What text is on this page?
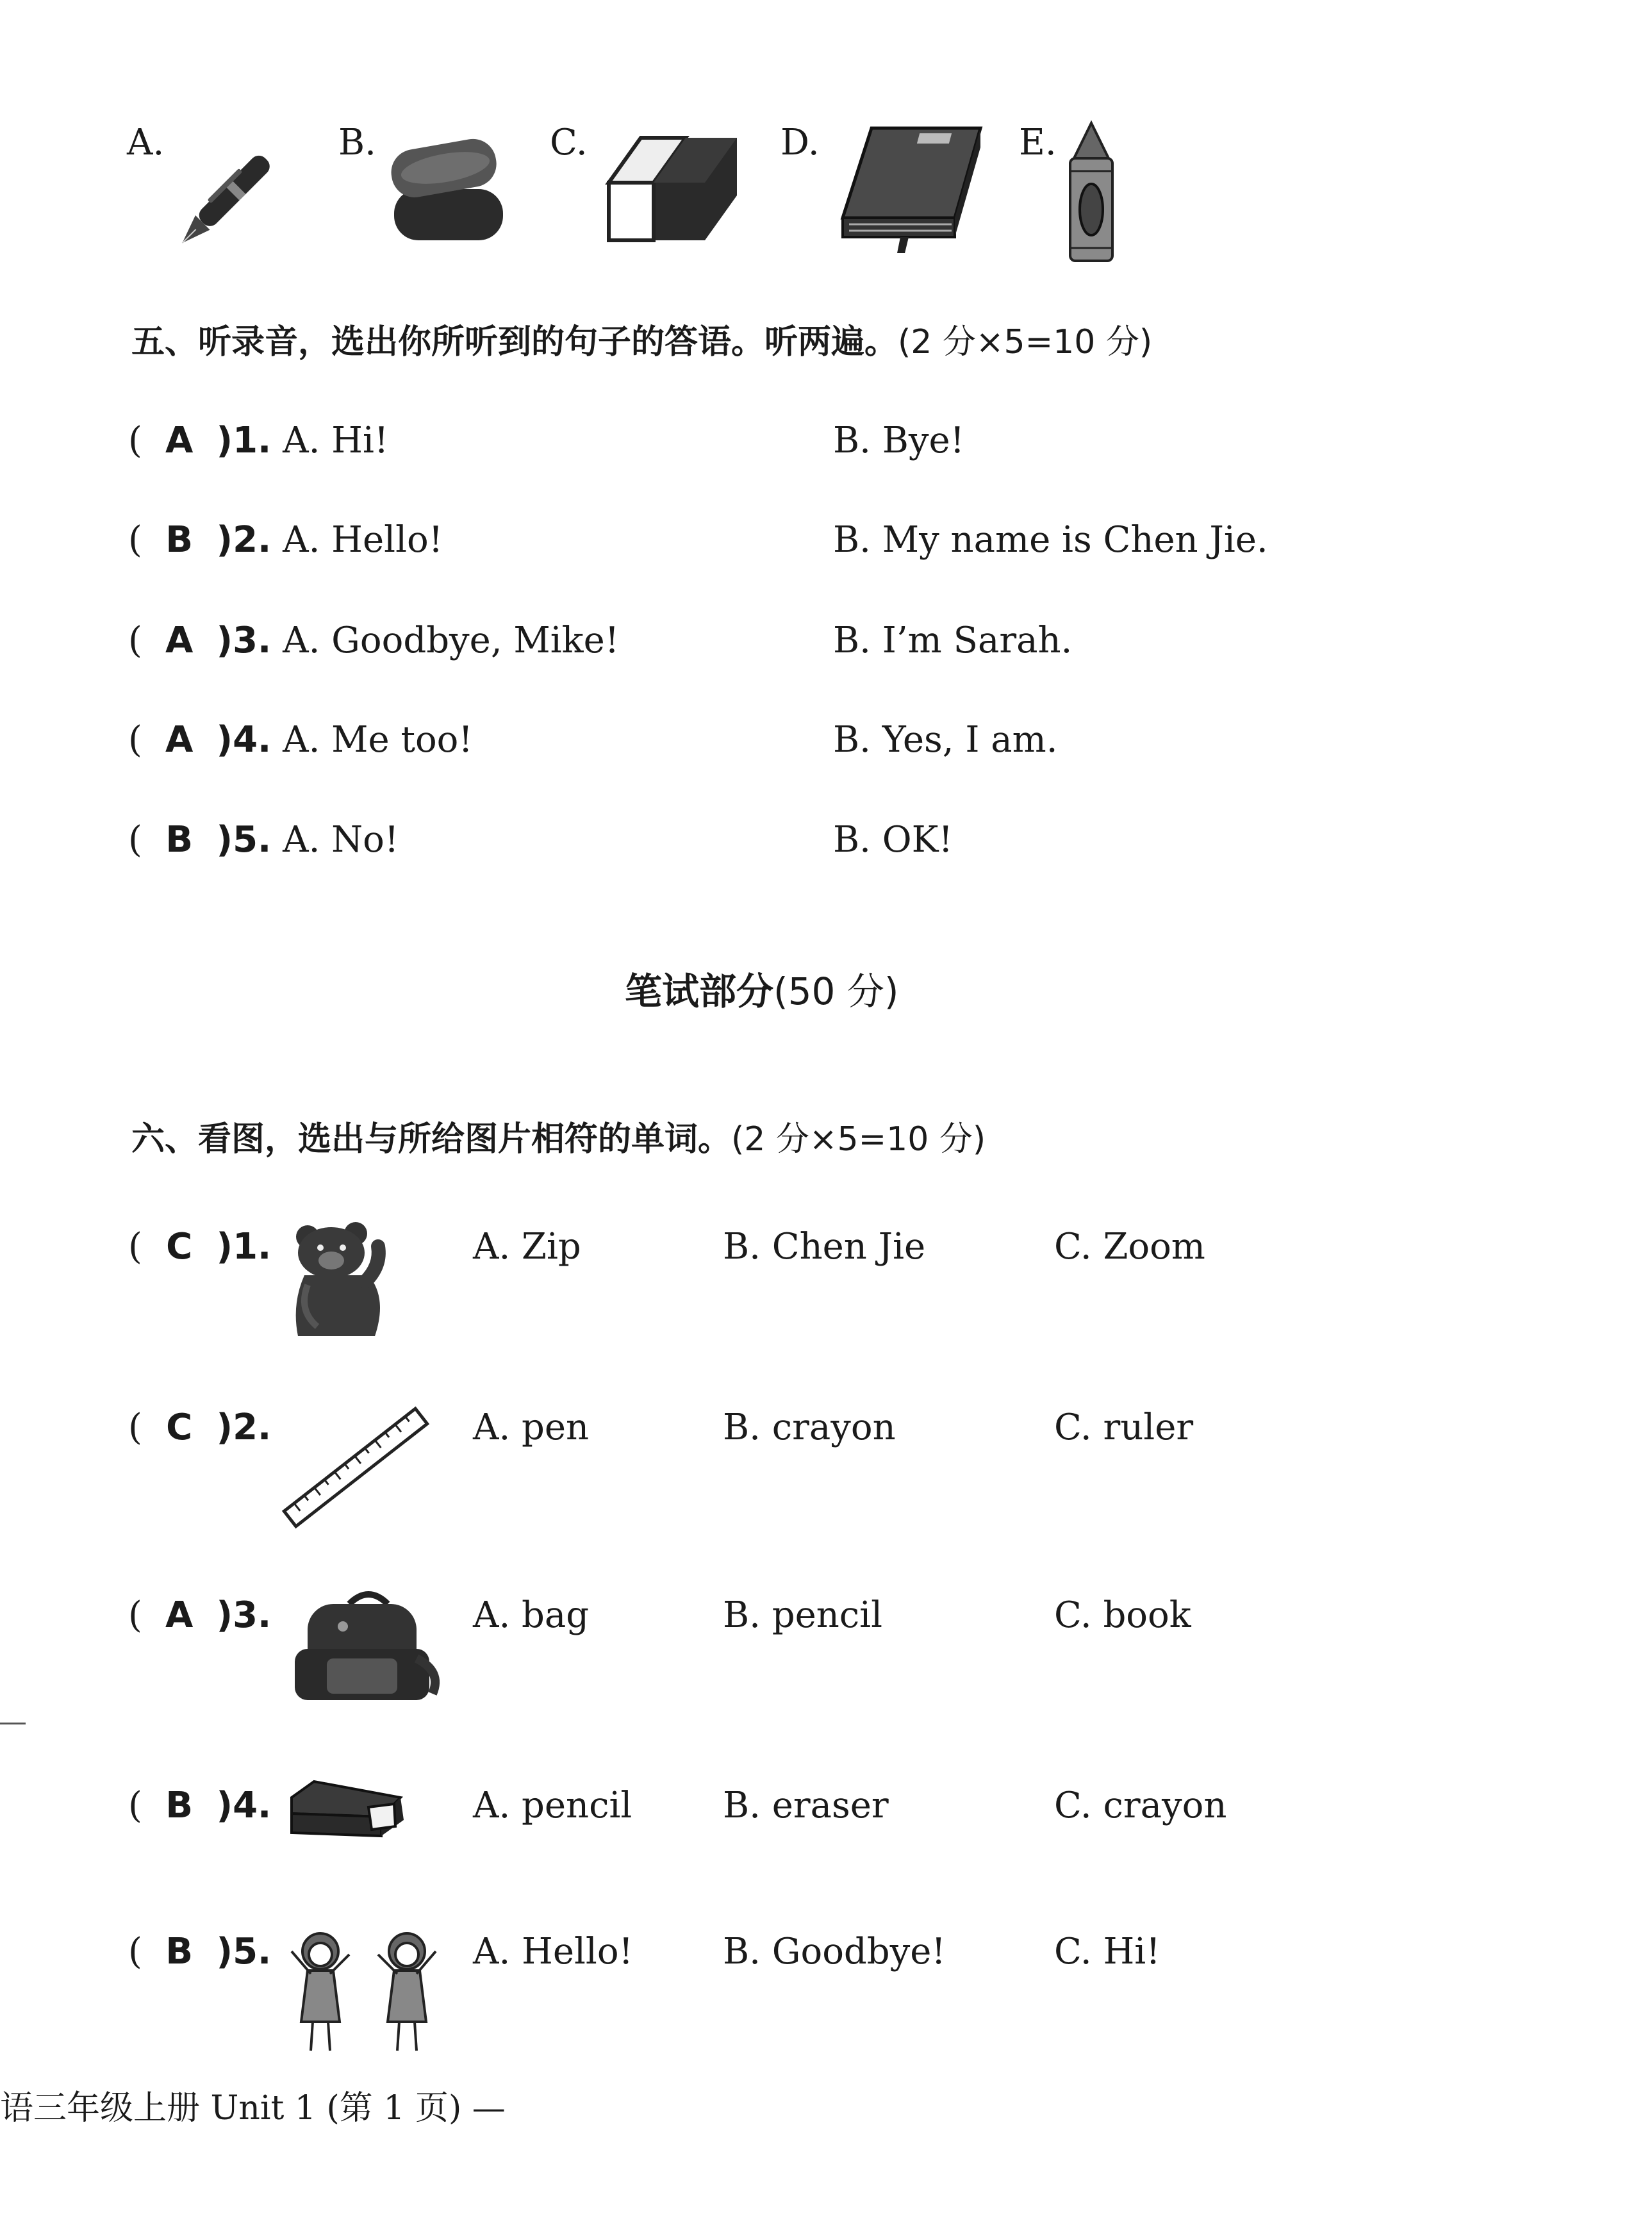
A.	B.	C.	D.	E.
五、听录音，选出你所听到的句子的答语。听两遍。(2 分×5=10 分)
( A )1. A. Hi!	B. Bye!
( B )2. A. Hello!	B. My name is Chen Jie.
( A )3. A. Goodbye, Mike!	B. I’m Sarah.
( A )4. A. Me too!	B. Yes, I am.
( B )5. A. No!	B. OK!
笔试部分(50 分)
六、看图，选出与所给图片相符的单词。(2 分×5=10 分)
( C )1.	A. Zip	B. Chen Jie	C. Zoom
( C )2.	A. pen	B. crayon	C. ruler
( A )3.	A. bag	B. pencil	C. book
( B )4.	A. pencil	B. eraser	C. crayon
( B )5.	A. Hello! B. Goodbye!	C. Hi!
语三年级上册 Unit 1 (第 1 页) —
